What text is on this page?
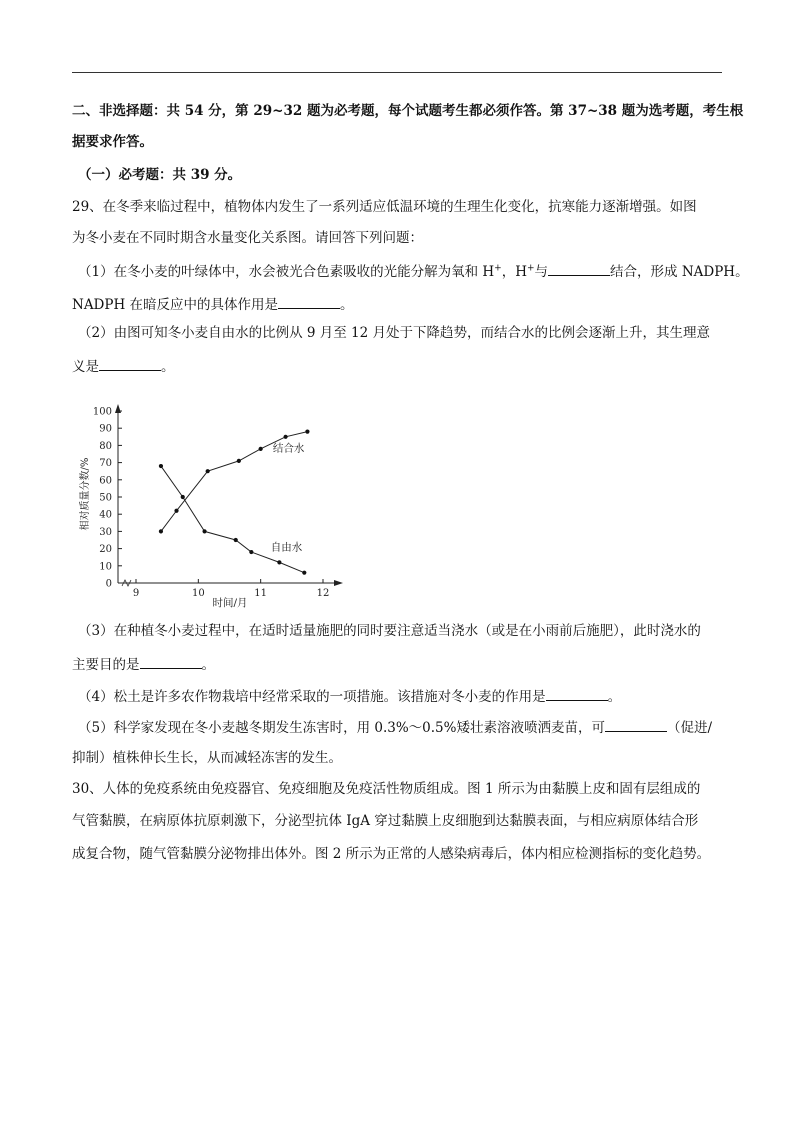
二、非选择题：共 54 分，第 29~32 题为必考题，每个试题考生都必须作答。第 37~38 题为选考题，考生根
据要求作答。
（一）必考题：共 39 分。
29、在冬季来临过程中，植物体内发生了一系列适应低温环境的生理生化变化，抗寒能力逐渐增强。如图
为冬小麦在不同时期含水量变化关系图。请回答下列问题：
（1）在冬小麦的叶绿体中，水会被光合色素吸收的光能分解为氧和 H+，H+与	结合，形成 NADPH。
NADPH 在暗反应中的具体作用是	。
（2）由图可知冬小麦自由水的比例从 9 月至 12 月处于下降趋势，而结合水的比例会逐渐上升，其生理意
义是	。
0
10
20
30
40
50
60
70
80
90
100
9	10	11	12
结合水
自由水
相对质量分数/%
时间/月
（3）在种植冬小麦过程中，在适时适量施肥的同时要注意适当浇水（或是在小雨前后施肥），此时浇水的
主要目的是	。
（4）松土是许多农作物栽培中经常采取的一项措施。该措施对冬小麦的作用是	。
（5）科学家发现在冬小麦越冬期发生冻害时，用 0.3%～0.5%矮壮素溶液喷洒麦苗，可	（促进/
抑制）植株伸长生长，从而减轻冻害的发生。
30、人体的免疫系统由免疫器官、免疫细胞及免疫活性物质组成。图 1 所示为由黏膜上皮和固有层组成的
气管黏膜，在病原体抗原刺激下，分泌型抗体 IgA 穿过黏膜上皮细胞到达黏膜表面，与相应病原体结合形
成复合物，随气管黏膜分泌物排出体外。图 2 所示为正常的人感染病毒后，体内相应检测指标的变化趋势。
